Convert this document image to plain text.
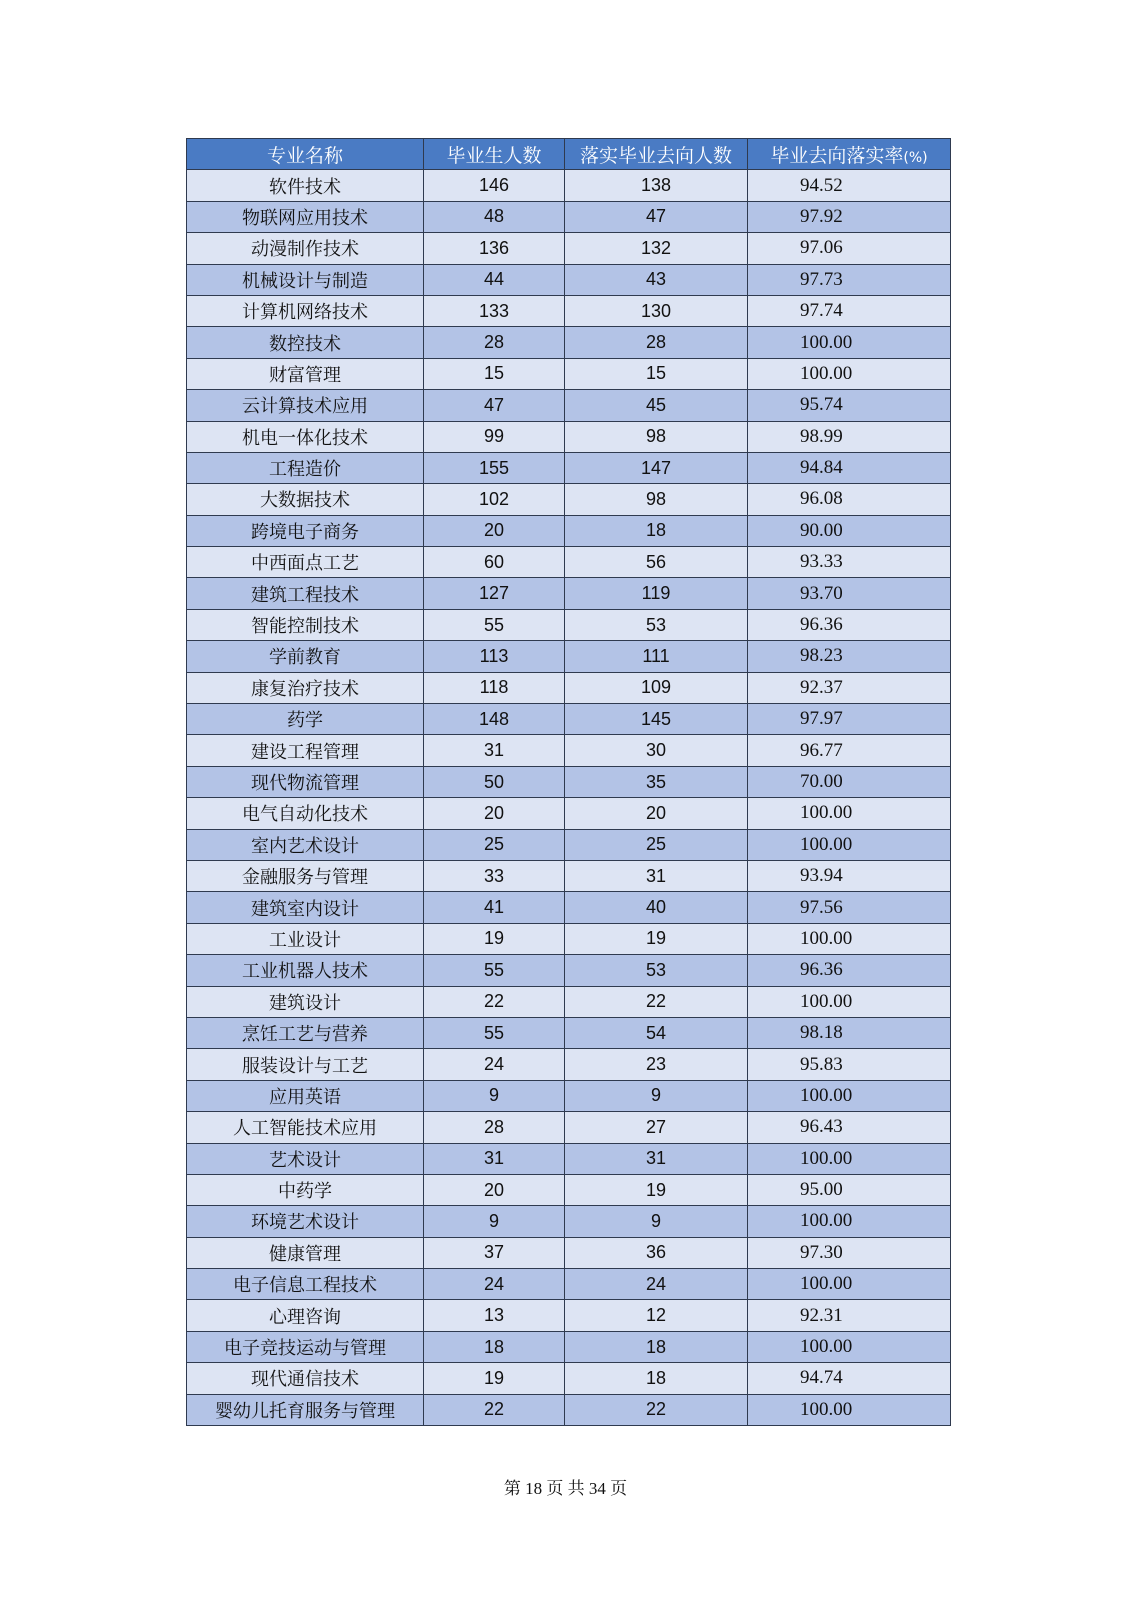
专业名称	毕业生人数	落实毕业去向人数	毕业去向落实率(%)
软件技术	146	138	94.52
物联网应用技术	48	47	97.92
动漫制作技术	136	132	97.06
机械设计与制造	44	43	97.73
计算机网络技术	133	130	97.74
数控技术	28	28	100.00
财富管理	15	15	100.00
云计算技术应用	47	45	95.74
机电一体化技术	99	98	98.99
工程造价	155	147	94.84
大数据技术	102	98	96.08
跨境电子商务	20	18	90.00
中西面点工艺	60	56	93.33
建筑工程技术	127	119	93.70
智能控制技术	55	53	96.36
学前教育	113	111	98.23
康复治疗技术	118	109	92.37
药学	148	145	97.97
建设工程管理	31	30	96.77
现代物流管理	50	35	70.00
电气自动化技术	20	20	100.00
室内艺术设计	25	25	100.00
金融服务与管理	33	31	93.94
建筑室内设计	41	40	97.56
工业设计	19	19	100.00
工业机器人技术	55	53	96.36
建筑设计	22	22	100.00
烹饪工艺与营养	55	54	98.18
服装设计与工艺	24	23	95.83
应用英语	9	9	100.00
人工智能技术应用	28	27	96.43
艺术设计	31	31	100.00
中药学	20	19	95.00
环境艺术设计	9	9	100.00
健康管理	37	36	97.30
电子信息工程技术	24	24	100.00
心理咨询	13	12	92.31
电子竞技运动与管理	18	18	100.00
现代通信技术	19	18	94.74
婴幼儿托育服务与管理	22	22	100.00
第 18 页 共 34 页
